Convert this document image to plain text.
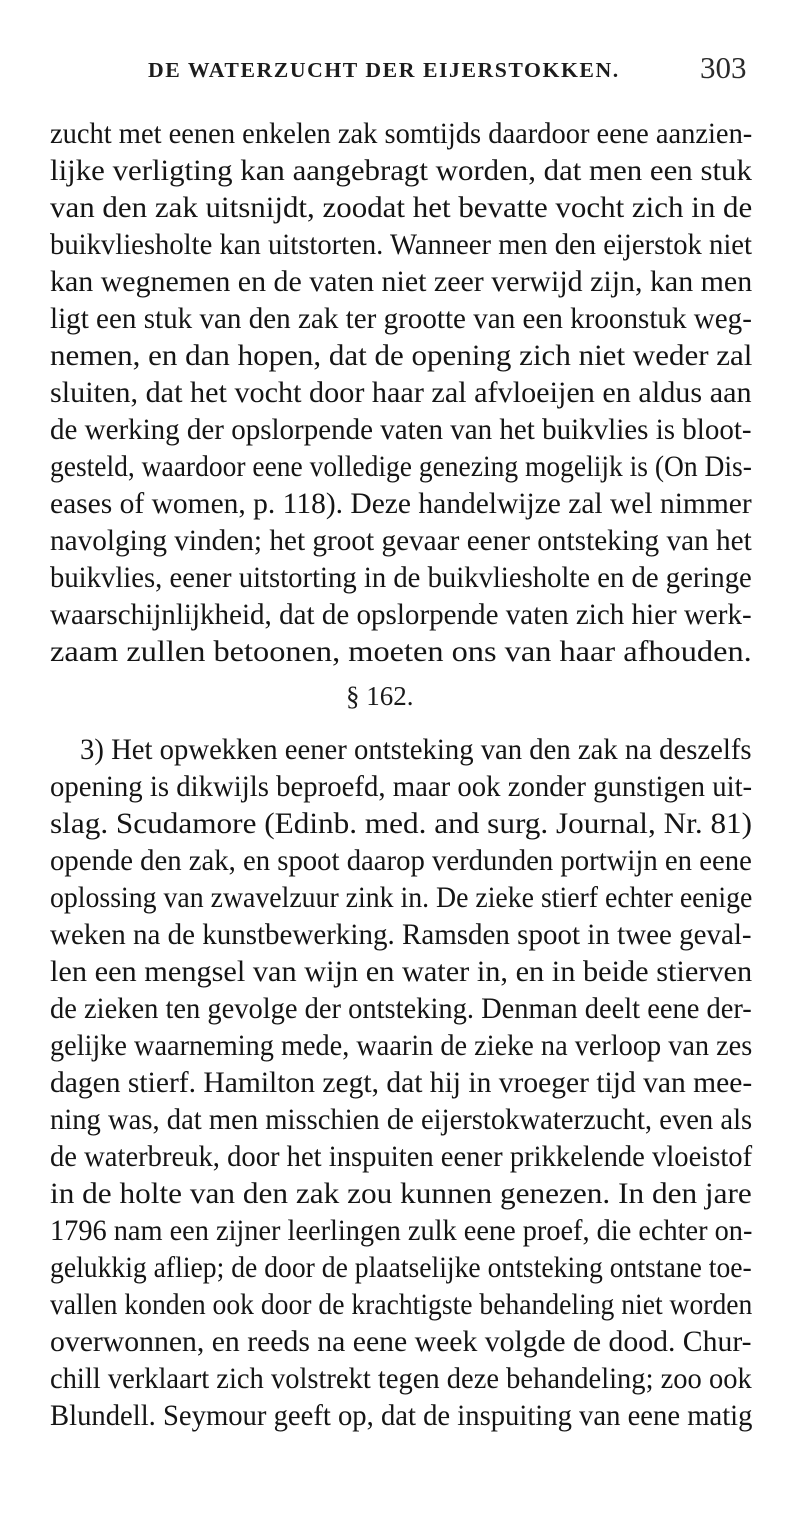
DE WATERZUCHT DER EIJERSTOKKEN.	303
zucht met eenen enkelen zak somtijds daardoor eene aanzien-
lijke verligting kan aangebragt worden, dat men een stuk
van den zak uitsnijdt, zoodat het bevatte vocht zich in de
buikvliesholte kan uitstorten. Wanneer men den eijerstok niet
kan wegnemen en de vaten niet zeer verwijd zijn, kan men
ligt een stuk van den zak ter grootte van een kroonstuk weg-
nemen, en dan hopen, dat de opening zich niet weder zal
sluiten, dat het vocht door haar zal afvloeijen en aldus aan
de werking der opslorpende vaten van het buikvlies is bloot-
gesteld, waardoor eene volledige genezing mogelijk is (On Dis-
eases of women, p. 118). Deze handelwijze zal wel nimmer
navolging vinden; het groot gevaar eener ontsteking van het
buikvlies, eener uitstorting in de buikvliesholte en de geringe
waarschijnlijkheid, dat de opslorpende vaten zich hier werk-
zaam zullen betoonen, moeten ons van haar afhouden.
§ 162.
3) Het opwekken eener ontsteking van den zak na deszelfs
opening is dikwijls beproefd, maar ook zonder gunstigen uit-
slag. Scudamore (Edinb. med. and surg. Journal, Nr. 81)
opende den zak, en spoot daarop verdunden portwijn en eene
oplossing van zwavelzuur zink in. De zieke stierf echter eenige
weken na de kunstbewerking. Ramsden spoot in twee geval-
len een mengsel van wijn en water in, en in beide stierven
de zieken ten gevolge der ontsteking. Denman deelt eene der-
gelijke waarneming mede, waarin de zieke na verloop van zes
dagen stierf. Hamilton zegt, dat hij in vroeger tijd van mee-
ning was, dat men misschien de eijerstokwaterzucht, even als
de waterbreuk, door het inspuiten eener prikkelende vloeistof
in de holte van den zak zou kunnen genezen. In den jare
1796 nam een zijner leerlingen zulk eene proef, die echter on-
gelukkig afliep; de door de plaatselijke ontsteking ontstane toe-
vallen konden ook door de krachtigste behandeling niet worden
overwonnen, en reeds na eene week volgde de dood. Chur-
chill verklaart zich volstrekt tegen deze behandeling; zoo ook
Blundell. Seymour geeft op, dat de inspuiting van eene matig
